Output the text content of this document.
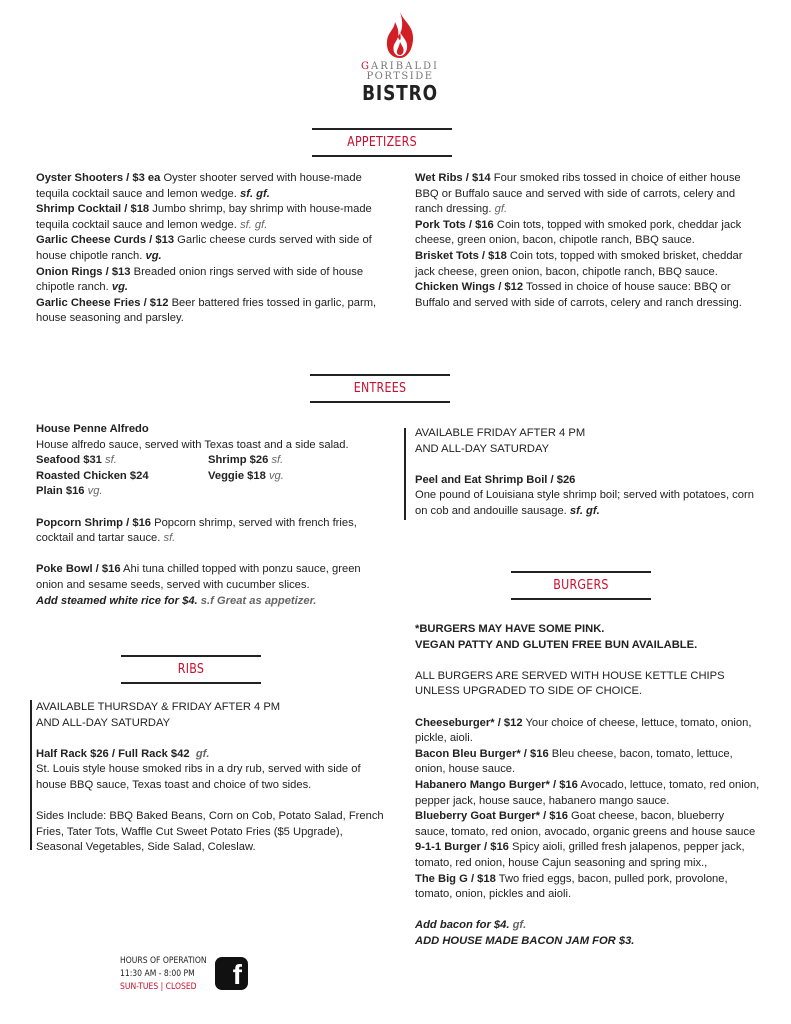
GARIBALDI
PORTSIDE
BISTRO
APPETIZERS

Oyster Shooters / $3 ea Oyster shooter served with house-made tequila cocktail sauce and lemon wedge. sf. gf.

Shrimp Cocktail / $18 Jumbo shrimp, bay shrimp with house-made tequila cocktail sauce and lemon wedge. sf. gf.

Garlic Cheese Curds / $13 Garlic cheese curds served with side of house chipotle ranch. vg.

Onion Rings / $13 Breaded onion rings served with side of house chipotle ranch. vg.

Garlic Cheese Fries / $12 Beer battered fries tossed in garlic, parm, house seasoning and parsley.

Wet Ribs / $14 Four smoked ribs tossed in choice of either house BBQ or Buffalo sauce and served with side of carrots, celery and ranch dressing. gf.

Pork Tots / $16 Coin tots, topped with smoked pork, cheddar jack cheese, green onion, bacon, chipotle ranch, BBQ sauce.

Brisket Tots / $18 Coin tots, topped with smoked brisket, cheddar jack cheese, green onion, bacon, chipotle ranch, BBQ sauce.

Chicken Wings / $12 Tossed in choice of house sauce: BBQ or Buffalo and served with side of carrots, celery and ranch dressing.

ENTREES

House Penne Alfredo

House alfredo sauce, served with Texas toast and a side salad.

Seafood $31 sf.	Shrimp $26 sf.

Roasted Chicken $24	Veggie $18 vg.

Plain $16 vg.

Popcorn Shrimp / $16 Popcorn shrimp, served with french fries, cocktail and tartar sauce. sf.

Poke Bowl / $16 Ahi tuna chilled topped with ponzu sauce, green onion and sesame seeds, served with cucumber slices.

Add steamed white rice for $4. s.f Great as appetizer.

AVAILABLE FRIDAY AFTER 4 PM

AND ALL-DAY SATURDAY

Peel and Eat Shrimp Boil / $26

One pound of Louisiana style shrimp boil; served with potatoes, corn on cob and andouille sausage. sf. gf.

BURGERS

*BURGERS MAY HAVE SOME PINK.

VEGAN PATTY AND GLUTEN FREE BUN AVAILABLE.

ALL BURGERS ARE SERVED WITH HOUSE KETTLE CHIPS

UNLESS UPGRADED TO SIDE OF CHOICE.

Cheeseburger* / $12 Your choice of cheese, lettuce, tomato, onion, pickle, aioli.

Bacon Bleu Burger* / $16 Bleu cheese, bacon, tomato, lettuce, onion, house sauce.

Habanero Mango Burger* / $16 Avocado, lettuce, tomato, red onion, pepper jack, house sauce, habanero mango sauce.

Blueberry Goat Burger* / $16 Goat cheese, bacon, blueberry sauce, tomato, red onion, avocado, organic greens and house sauce

9-1-1 Burger / $16 Spicy aioli, grilled fresh jalapenos, pepper jack, tomato, red onion, house Cajun seasoning and spring mix.,

The Big G / $18 Two fried eggs, bacon, pulled pork, provolone, tomato, onion, pickles and aioli.

Add bacon for $4. gf.

ADD HOUSE MADE BACON JAM FOR $3.

RIBS

AVAILABLE THURSDAY & FRIDAY AFTER 4 PM

AND ALL-DAY SATURDAY

Half Rack $26 / Full Rack $42 gf.

St. Louis style house smoked ribs in a dry rub, served with side of house BBQ sauce, Texas toast and choice of two sides.

Sides Include: BBQ Baked Beans, Corn on Cob, Potato Salad, French Fries, Tater Tots, Waffle Cut Sweet Potato Fries ($5 Upgrade), Seasonal Vegetables, Side Salad, Coleslaw.

HOURS OF OPERATION
11:30 AM - 8:00 PM
SUN-TUES | CLOSED	f
